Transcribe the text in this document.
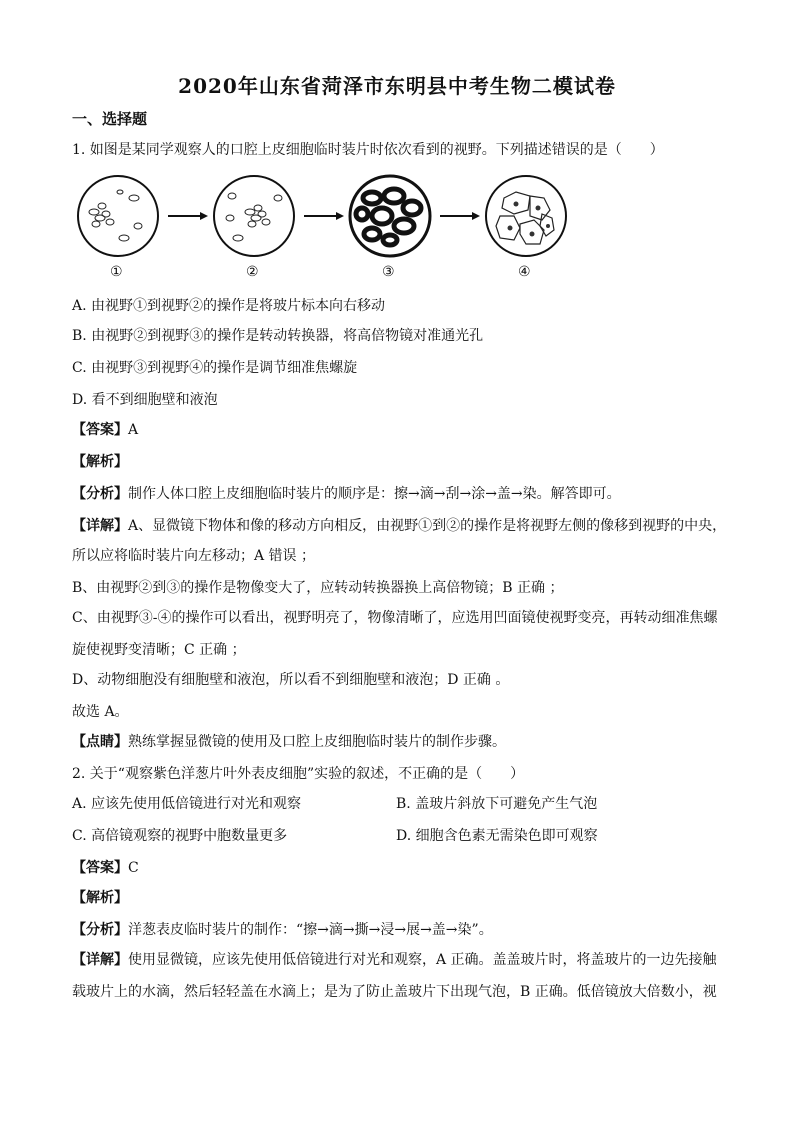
2020年山东省菏泽市东明县中考生物二模试卷
一、选择题
1. 如图是某同学观察人的口腔上皮细胞临时装片时依次看到的视野。下列描述错误的是（　　）
①	②	③	④
A. 由视野①到视野②的操作是将玻片标本向右移动
B. 由视野②到视野③的操作是转动转换器，将高倍物镜对准通光孔
C. 由视野③到视野④的操作是调节细准焦螺旋
D. 看不到细胞壁和液泡
【答案】A
【解析】
【分析】制作人体口腔上皮细胞临时装片的顺序是：擦→滴→刮→涂→盖→染。解答即可。
【详解】A、显微镜下物体和像的移动方向相反，由视野①到②的操作是将视野左侧的像移到视野的中央，
所以应将临时装片向左移动；A 错误 ；
B、由视野②到③的操作是物像变大了，应转动转换器换上高倍物镜；B 正确 ；
C、由视野③-④的操作可以看出，视野明亮了，物像清晰了，应选用凹面镜使视野变亮，再转动细准焦螺
旋使视野变清晰；C 正确 ；
D、动物细胞没有细胞壁和液泡，所以看不到细胞壁和液泡；D 正确 。
故选 A。
【点睛】熟练掌握显微镜的使用及口腔上皮细胞临时装片的制作步骤。
2. 关于“观察紫色洋葱片叶外表皮细胞”实验的叙述，不正确的是（　　）
A. 应该先使用低倍镜进行对光和观察	B. 盖玻片斜放下可避免产生气泡
C. 高倍镜观察的视野中胞数量更多	D. 细胞含色素无需染色即可观察
【答案】C
【解析】
【分析】洋葱表皮临时装片的制作：“擦→滴→撕→浸→展→盖→染”。
【详解】使用显微镜，应该先使用低倍镜进行对光和观察，A 正确。盖盖玻片时，将盖玻片的一边先接触
载玻片上的水滴，然后轻轻盖在水滴上；是为了防止盖玻片下出现气泡，B 正确。低倍镜放大倍数小，视
